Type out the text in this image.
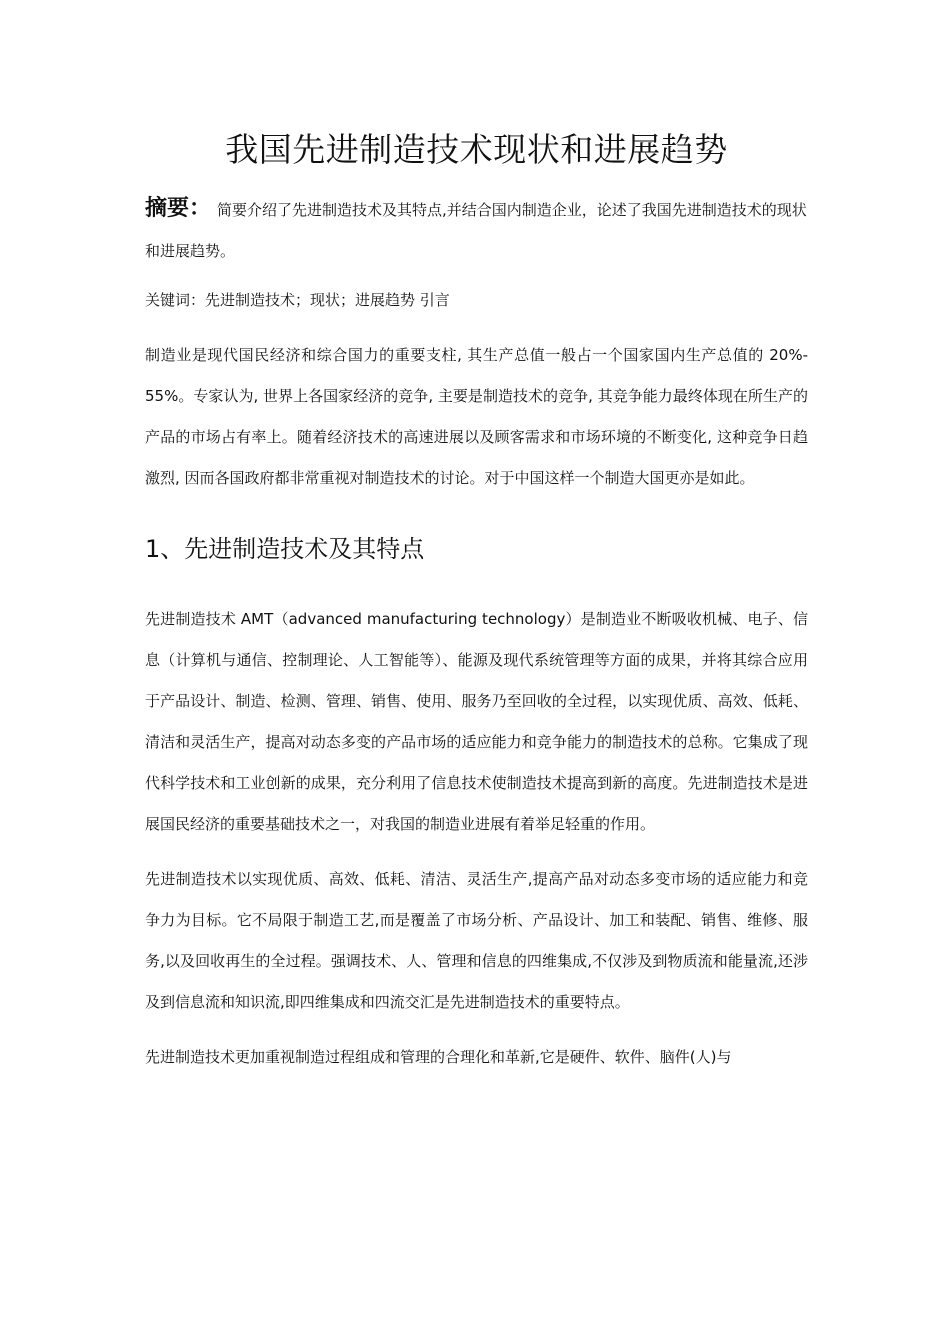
我国先进制造技术现状和进展趋势

摘要： 简要介绍了先进制造技术及其特点,并结合国内制造企业，论述了我国先进制造技术的现状和进展趋势。

关键词：先进制造技术；现状；进展趋势 引言

制造业是现代国民经济和综合国力的重要支柱, 其生产总值一般占一个国家国内生产总值的 20%- 55%。专家认为, 世界上各国家经济的竞争, 主要是制造技术的竞争, 其竞争能力最终体现在所生产的产品的市场占有率上。随着经济技术的高速进展以及顾客需求和市场环境的不断变化, 这种竞争日趋激烈, 因而各国政府都非常重视对制造技术的讨论。对于中国这样一个制造大国更亦是如此。

1、先进制造技术及其特点

先进制造技术 AMT（advanced manufacturing technology）是制造业不断吸收机械、电子、信息（计算机与通信、控制理论、人工智能等）、能源及现代系统管理等方面的成果，并将其综合应用于产品设计、制造、检测、管理、销售、使用、服务乃至回收的全过程，以实现优质、高效、低耗、清洁和灵活生产，提高对动态多变的产品市场的适应能力和竞争能力的制造技术的总称。它集成了现代科学技术和工业创新的成果，充分利用了信息技术使制造技术提高到新的高度。先进制造技术是进展国民经济的重要基础技术之一，对我国的制造业进展有着举足轻重的作用。

先进制造技术以实现优质、高效、低耗、清洁、灵活生产,提高产品对动态多变市场的适应能力和竞争力为目标。它不局限于制造工艺,而是覆盖了市场分析、产品设计、加工和装配、销售、维修、服务,以及回收再生的全过程。强调技术、人、管理和信息的四维集成,不仅涉及到物质流和能量流,还涉及到信息流和知识流,即四维集成和四流交汇是先进制造技术的重要特点。

先进制造技术更加重视制造过程组成和管理的合理化和革新,它是硬件、软件、脑件(人)与
